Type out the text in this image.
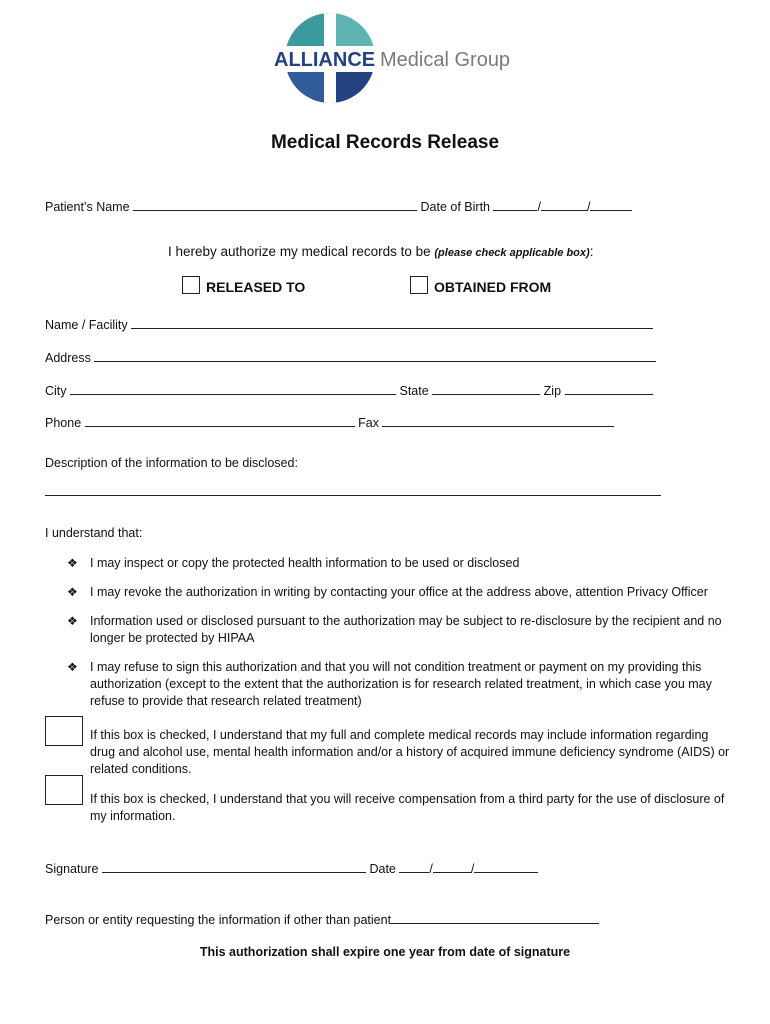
ALLIANCE Medical Group
Medical Records Release
Patient’s Name	Date of Birth	/	/
I hereby authorize my medical records to be (please check applicable box):
RELEASED TO	OBTAINED FROM
Name / Facility
Address
City	State	Zip
Phone	Fax
Description of the information to be disclosed:
I understand that:
❖ I may inspect or copy the protected health information to be used or disclosed
❖ I may revoke the authorization in writing by contacting your office at the address above, attention Privacy Officer
❖ Information used or disclosed pursuant to the authorization may be subject to re-disclosure by the recipient and no longer be protected by HIPAA
❖ I may refuse to sign this authorization and that you will not condition treatment or payment on my providing this authorization (except to the extent that the authorization is for research related treatment, in which case you may refuse to provide that research related treatment)
If this box is checked, I understand that my full and complete medical records may include information regarding drug and alcohol use, mental health information and/or a history of acquired immune deficiency syndrome (AIDS) or related conditions.
If this box is checked, I understand that you will receive compensation from a third party for the use of disclosure of my information.
Signature	Date	/	/
Person or entity requesting the information if other than patient
This authorization shall expire one year from date of signature
